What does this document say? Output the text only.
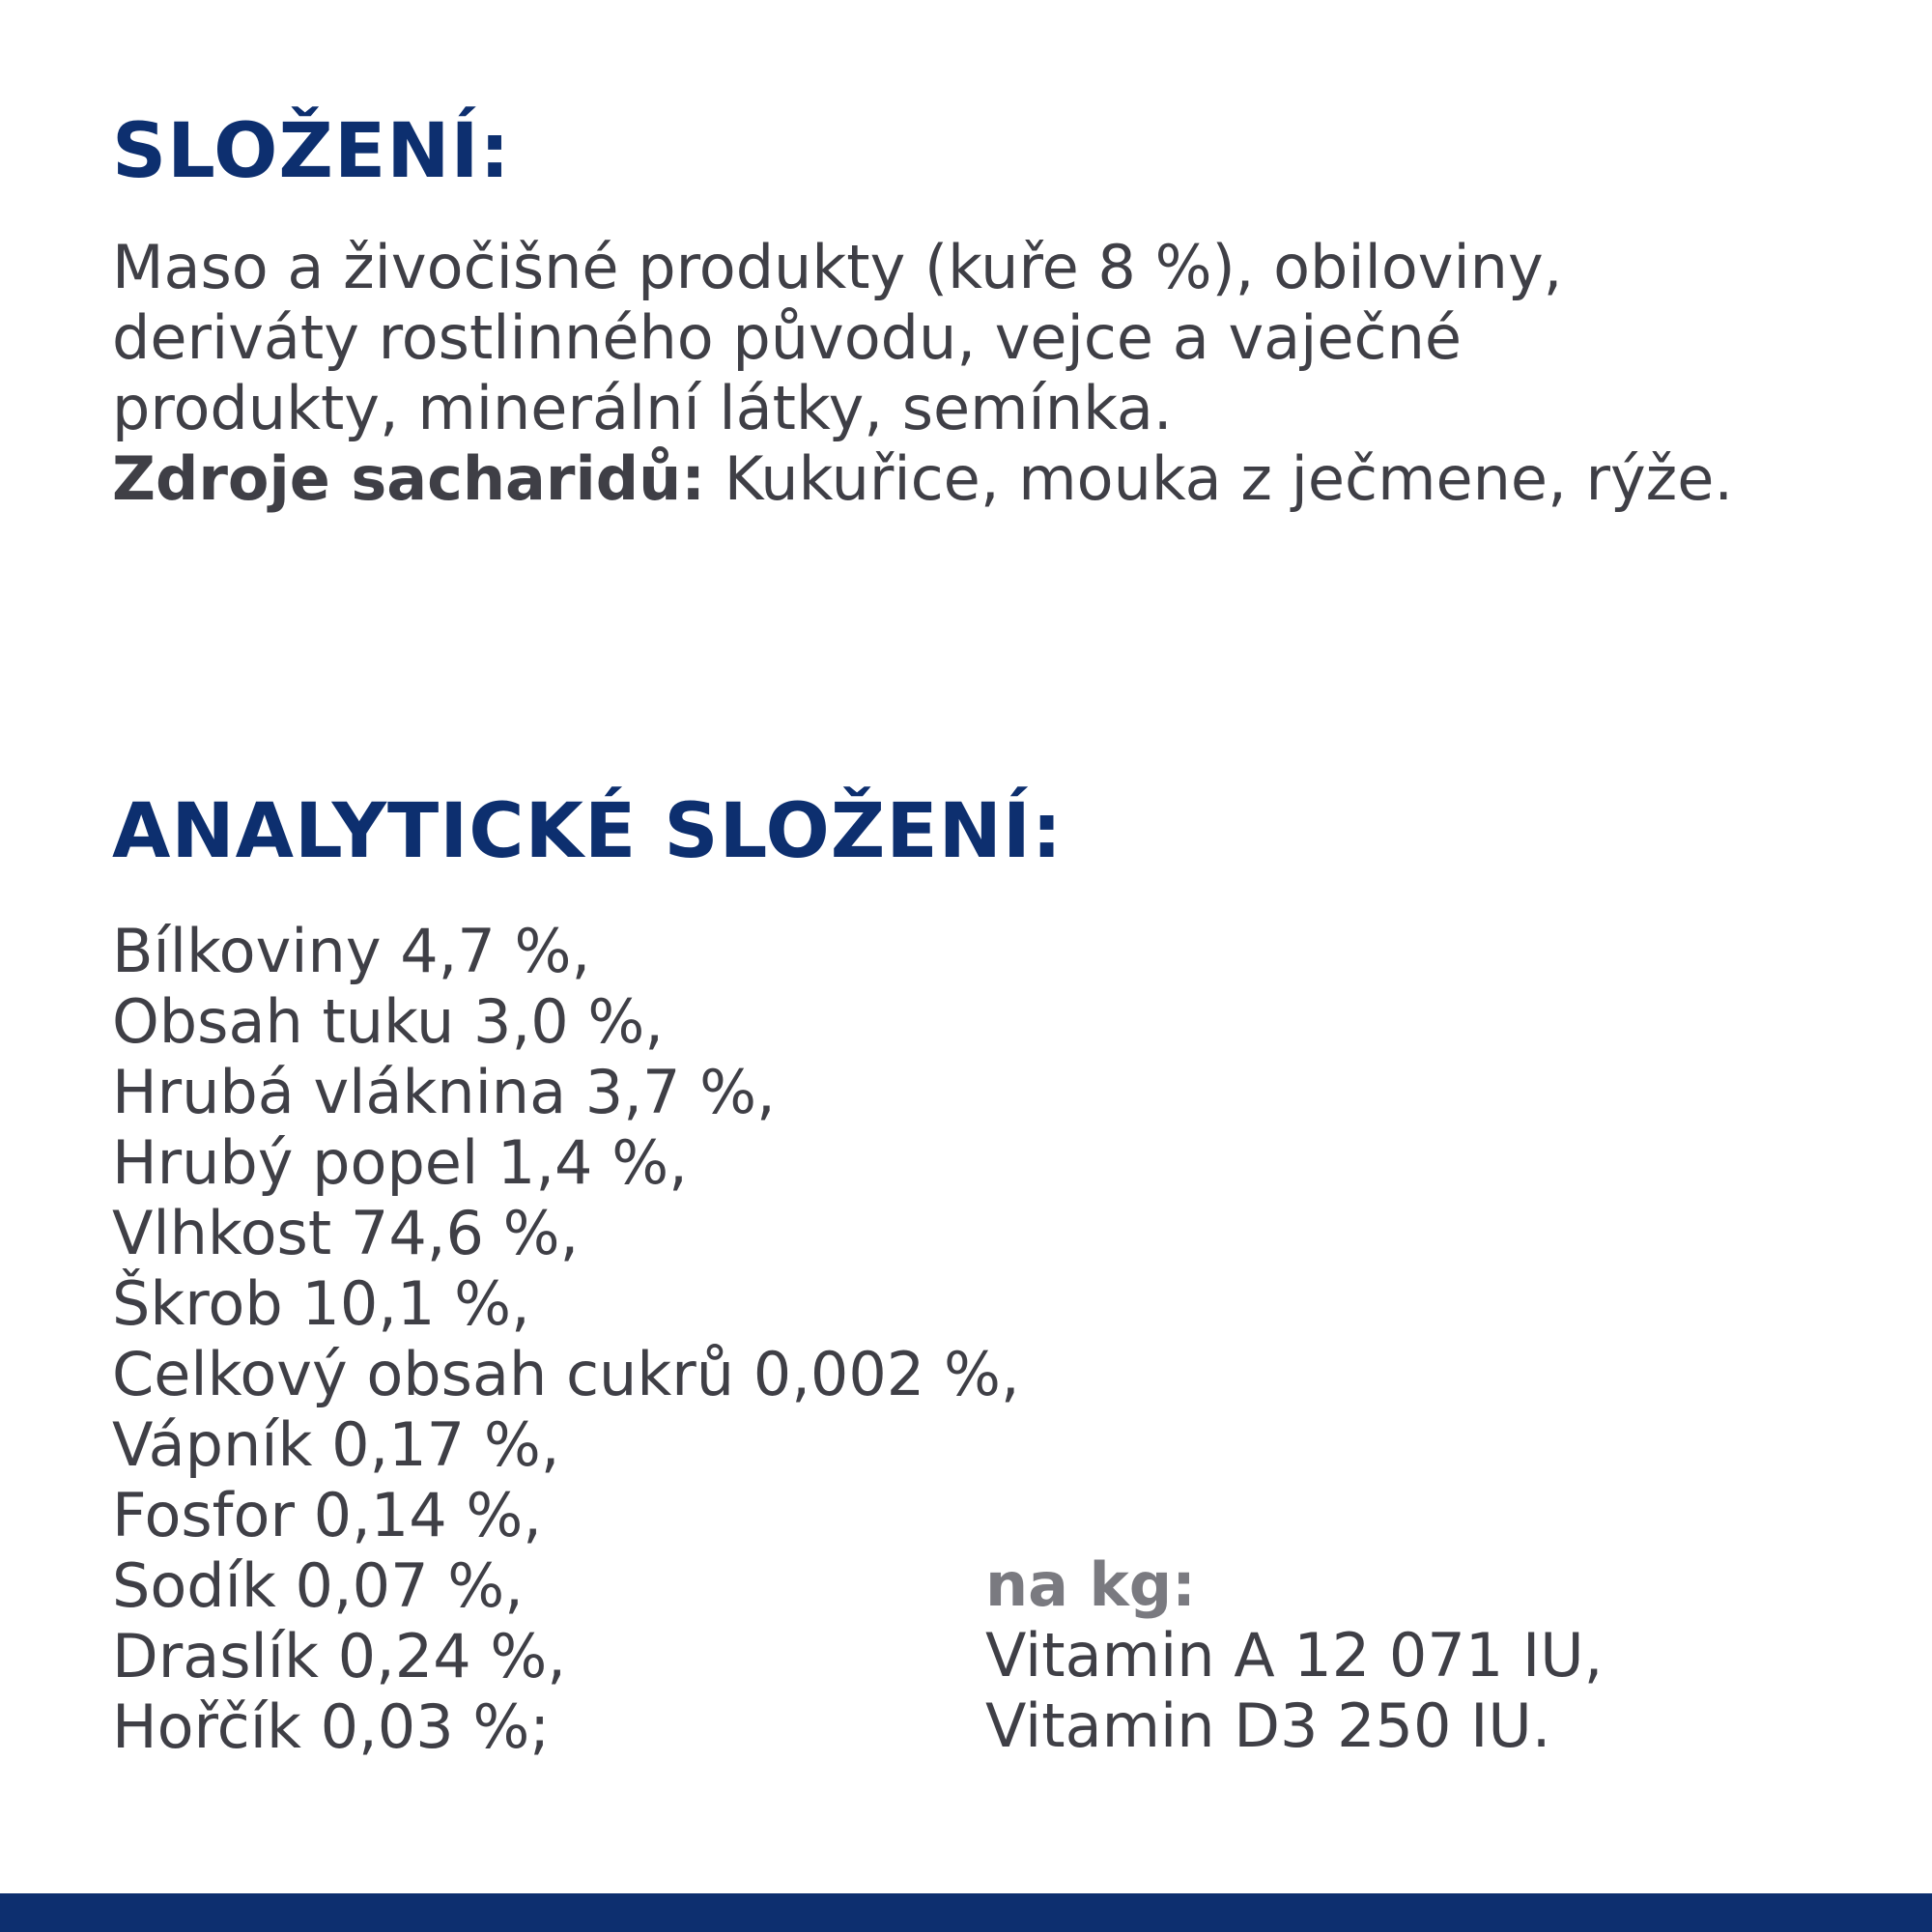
SLOŽENÍ:

Maso a živočišné produkty (kuře 8 %), obiloviny,
deriváty rostlinného původu, vejce a vaječné
produkty, minerální látky, semínka.
Zdroje sacharidů: Kukuřice, mouka z ječmene, rýže.

ANALYTICKÉ SLOŽENÍ:
Bílkoviny 4,7 %,
Obsah tuku 3,0 %,
Hrubá vláknina 3,7 %,
Hrubý popel 1,4 %,
Vlhkost 74,6 %,
Škrob 10,1 %,
Celkový obsah cukrů 0,002 %,
Vápník 0,17 %,
Fosfor 0,14 %,
Sodík 0,07 %,
Draslík 0,24 %,
Hořčík 0,03 %;
na kg:
Vitamin A 12 071 IU,
Vitamin D3 250 IU.
